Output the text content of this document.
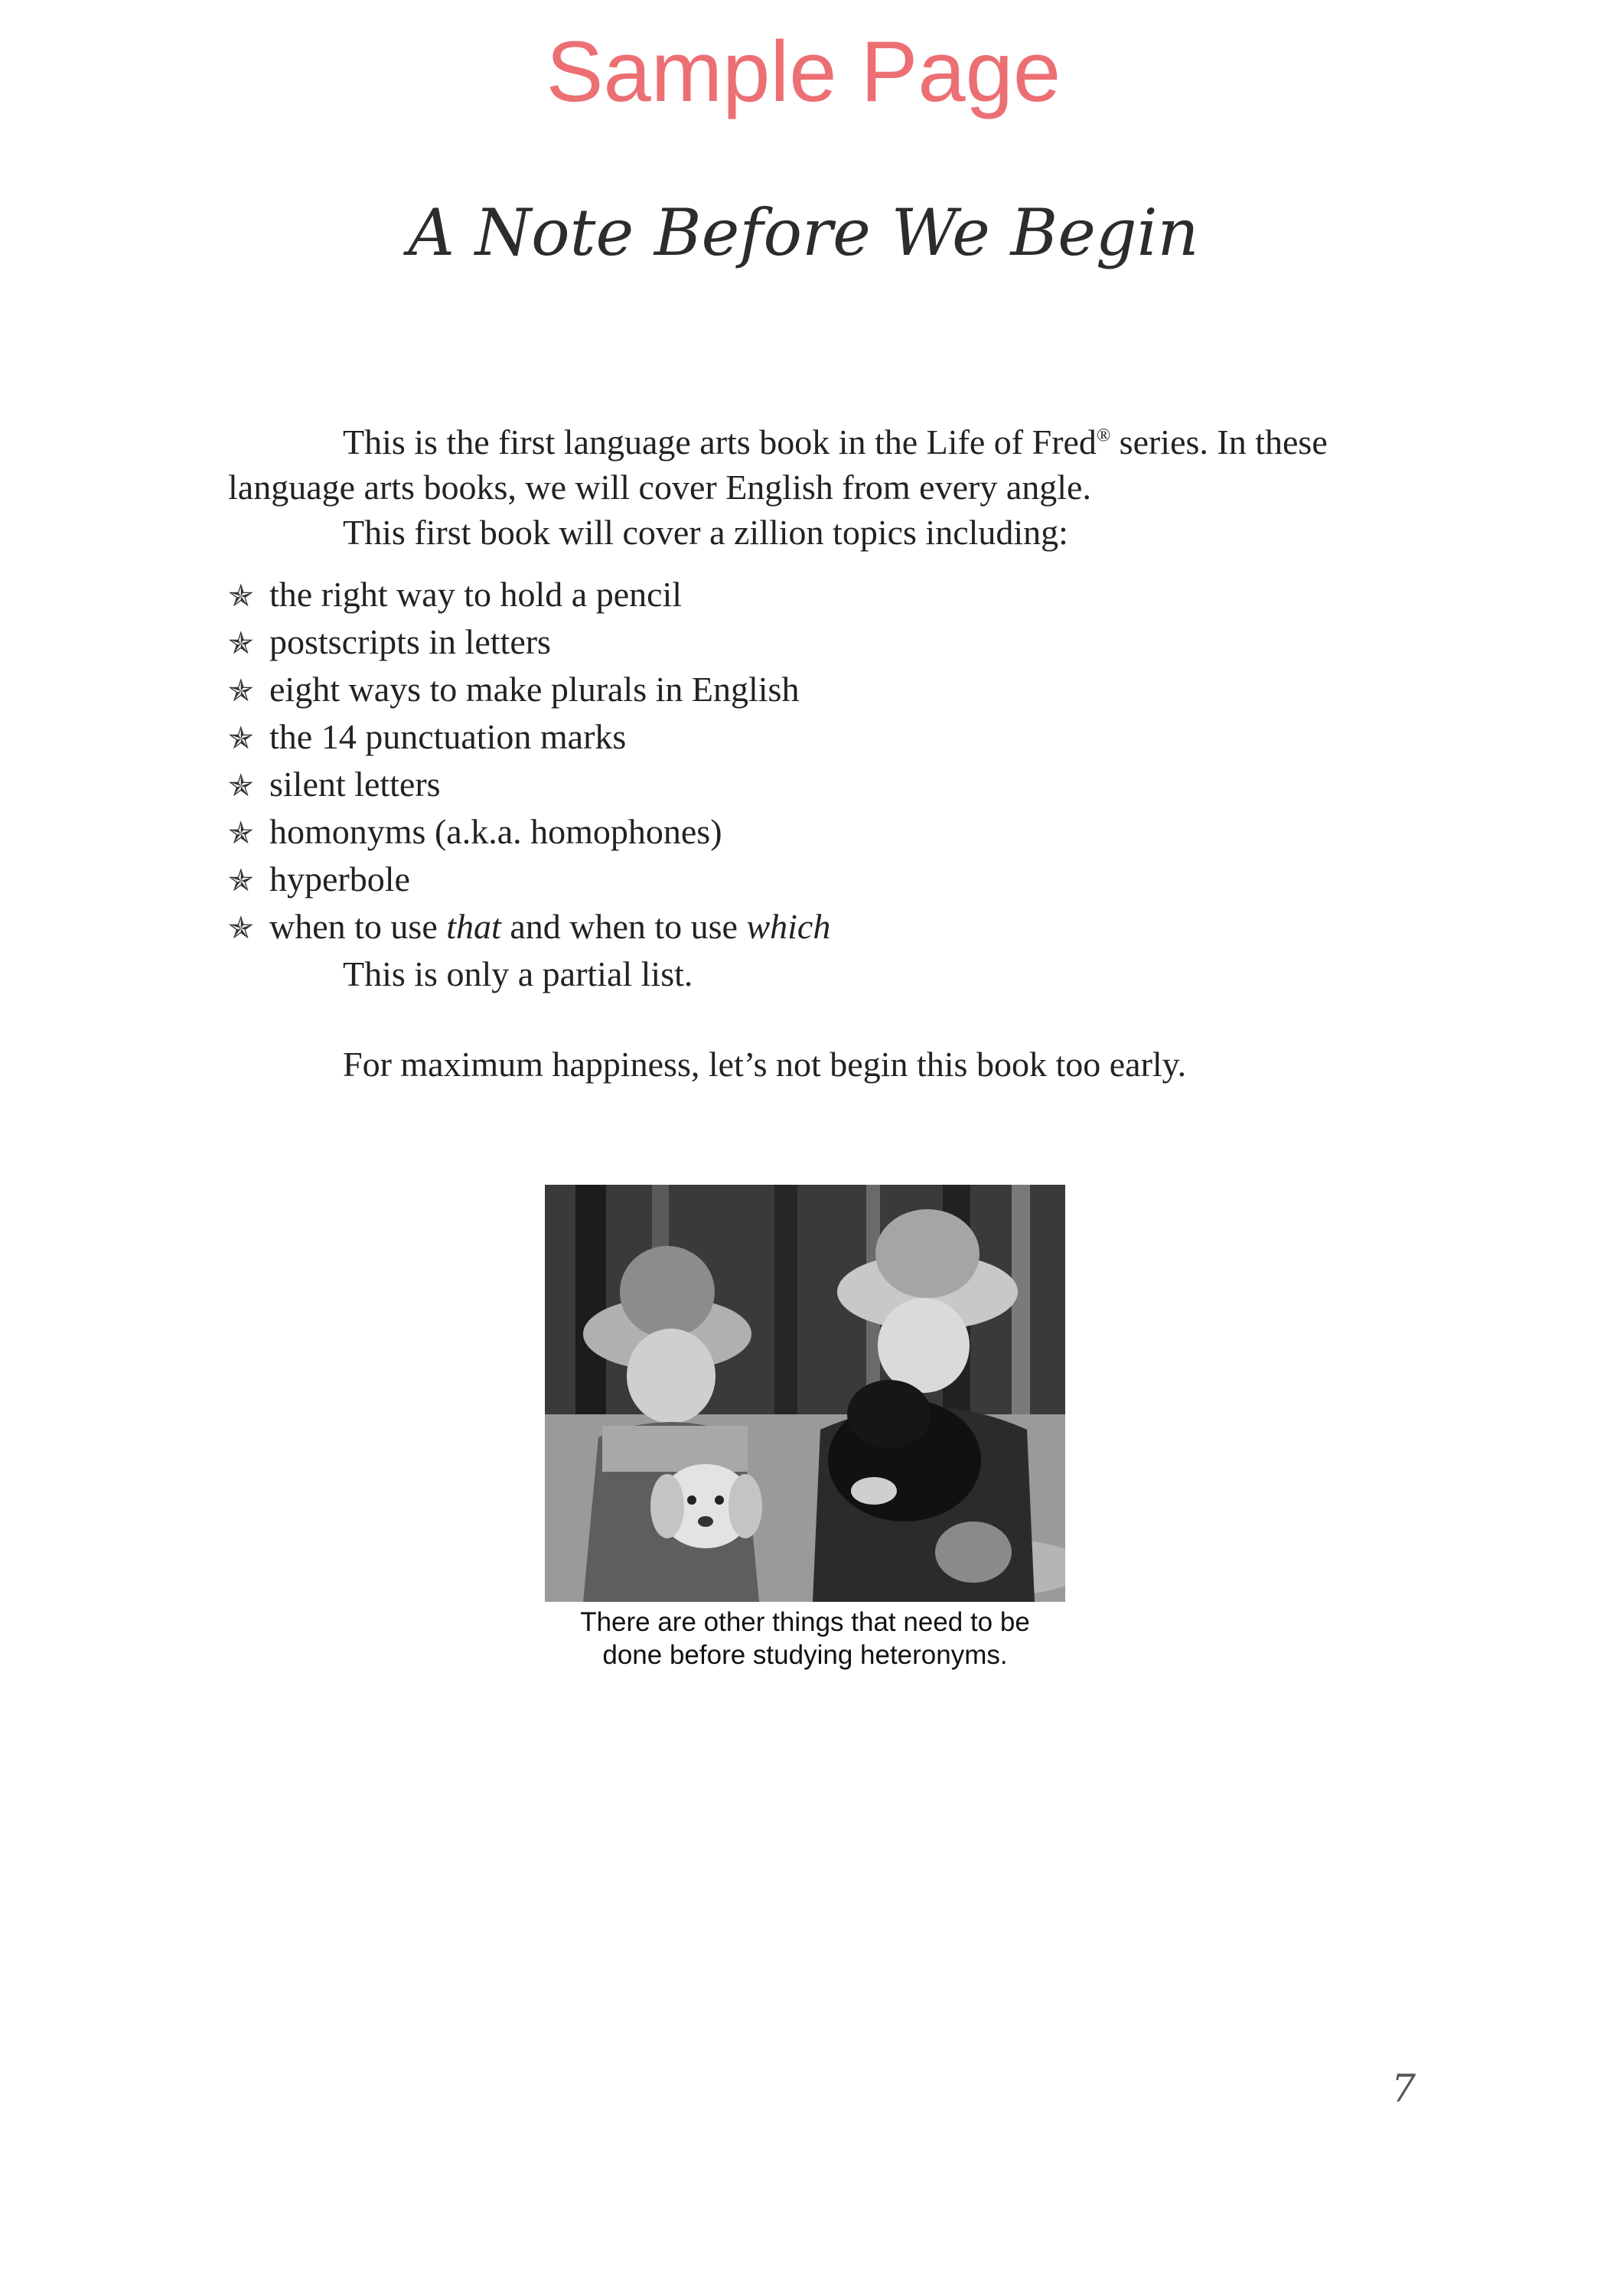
Sample Page
A Note Before We Begin

This is the first language arts book in the Life of Fred® series. In these language arts books, we will cover English from every angle.

This first book will cover a zillion topics including:

✯ the right way to hold a pencil
✯ postscripts in letters
✯ eight ways to make plurals in English
✯ the 14 punctuation marks
✯ silent letters
✯ homonyms (a.k.a. homophones)
✯ hyperbole
✯ when to use that and when to use which

This is only a partial list.

For maximum happiness, let’s not begin this book too early.

There are other things that need to be
done before studying heteronyms.
7
